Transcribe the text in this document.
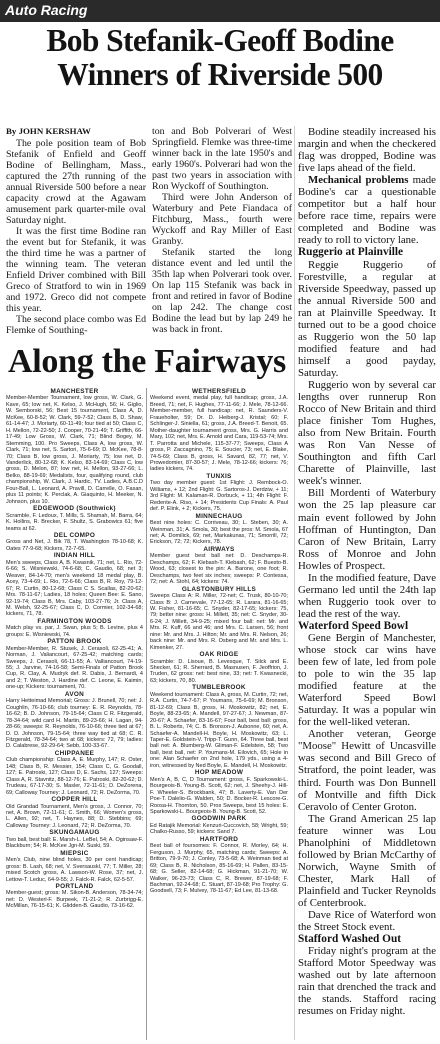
Auto Racing
Bob Stefanik-Geoff Bodine Winners of Riverside 500
By JOHN KERSHAW

The pole position team of Bob Stefanik of Enfield and Geoff Bodine of Bellingham, Mass., captured the 27th running of the annual Riverside 500 before a near capacity crowd at the Agawam amusement park quarter-mile oval Saturday night.

It was the first time Bodine ran the event but for Stefanik, it was the third time he was a partner of the winning team. The veteran Enfield Driver combined with Bill Greco of Stratford to win in 1969 and 1972. Greco did not compete this year.

The second place combo was Ed Flemke of Southing-

ton and Bob Polverari of West Springfield. Flemke was three-time winner back in the late 1950's and early 1960's. Polverari had won the past two years in association with Ron Wyckoff of Southington.

Third were John Anderson of Waterbury and Pete Fiandaca of Fitchburg, Mass., fourth were Wyckoff and Ray Miller of East Granby.

Stefanik started the long distance event and led until the 35th lap when Polverari took over. On lap 115 Stefanik was back in front and retired in favor of Bodine on lap 242. The change cost Bodine the lead but by lap 249 he was back in front.

Bodine steadily increased his margin and when the checkered flag was dropped, Bodine was five laps ahead of the field.

Mechanical problems made Bodine's car a questionable competitor but a half hour before race time, repairs were completed and Bodine was ready to roll to victory lane.

Ruggerio at Plainville

Reggie Ruggerio of Forestville, a regular at Riverside Speedway, passed up the annual Riverside 500 and ran at Plainville Speedway. It turned out to be a good choice as Ruggerio won the 50 lap modified feature and had himself a good payday, Saturday.

Ruggerio won by several car lengths over runnerup Ron Rocco of New Britain and third place finisher Tom Hughes, also from New Britain. Fourth was Ron Van Nesse of Southington and fifth Carl Charette of Plainville, last week's winner.

Bill Mordenti of Waterbury won the 25 lap pleasure car main event followed by John Hoffman of Huntington, Dan Caron of New Britain, Larry Ross of Monroe and John Howles of Prospect.

In the modified feature, Dave Germano led until the 24th lap when Ruggerio took over to lead the rest of the way.

Waterford Speed Bowl

Gene Bergin of Manchester, whose stock car wins have been few of late, led from pole to pole to win the 35 lap modified feature at the Waterford Speed Bowl Saturday. It was a popular win for the well-liked veteran.

Another veteran, George "Moose" Hewitt of Uncasville was second and Bill Greco of Stratford, the point leader, was third. Fourth was Don Bunnell of Montville and fifth Dick Ceravolo of Center Groton.

The Grand American 25 lap feature winner was Lou Phanolphini of Middletown followed by Brian McCarthy of Norwich, Wayne Smith of Chester, Mark Hall of Plainfield and Tucker Reynolds of Centerbrook.

Dave Rice of Waterford won the Street Stock event.

Stafford Washed Out

Friday night's program at the Stafford Motor Speedway was washed out by late afternoon rain that drenched the track and the stands. Stafford racing resumes on Friday night.

Along the Fairways
MANCHESTER

Member-Member Tournament, low gross, W. Clark, G. Kave, 65; low net, K. Kelso, J. McHugh, 56; H. Giglio, W. Semborski, 56; Best 15 tournament, Class A, D. McKee, 60-8-52; W. Clark, 59-7-52; Class B, D. Shaw, 61-14-47; J. Moriarty, 60-11-49; four tied at 50; Class C, H. Mellon, 72-22-50; J. Cooper, 70-21-49; T. Griffith, 66-17-49; Low Gross, W. Clark, 71; Blind Bogey, M. Stemming, 100. Pro Sweeps, Class A, low gross, W. Clark, 71; low net, S. Sartori, 75-6-69; D. McKee, 78-8-70; Class B, low gross, J. Moriarty, 75; low net, D. Vanderlick, 80-12-68; K. Kelso, 83-14-69; Class C, low gross, D. Melon, 87; low net, H. Mellon, 93-27-66; L. Belko, 88-19-69; Medalists, four, qualifying round, club championship, W. Clark, J. Hardic, TV. Ladies, A.B.C.D Four-Ball, L. Leonard, A. Pravill, D. Carrelle, O. Fasan, plus 11 points; K. Perclak, A. Giaquinto, H. Meeker, N. Johnson, plus 10.

EDGEWOOD (Southwick)

Scramble, F. Ledoux, T. Mills, S. Shamah, M. Barra, 64; K. Hollins, R. Brecker, F. Shultz, S. Grabowics 61; five teams at 62.

DEL COMPO

Gross and Net, J. Bik 78, T. Washington 78-10-68; K. Oates 77-9-68; Kickers, 72-7-65.

INDIAN HILL

Men's sweeps, Class A, B. Kwasnik, 71; net, L. Rio, 72-6-66; S. Wisniewski, 74-6-68; C. Gaudio, 68; net 3; Weaver, 84-14-70; men's weekend 18 medal play, B. Acey, 73-4-69; L. Rio, 72-6-66; Class B, R. Roy, 79-12-67; R. Curtin, 80-12-68; Class C S. Scallas, 82-20-62; Mrs. 78-11-67; Ladies, 18 holes; Queen Bee: E. Sano, 92-19-74; Class B, Mrs. Caby, 103-27-76; Jr. Class A, M. Welsh, 92-25-67; Class C, D. Cormier, 102-34-68; kickers, 71, 78.

FARMINGTON WOODS

Match play vs. par, J. Swan, plus 5; B. Levine, plus 4 groups: E. Wisniewski, 74.

PATTON BROOK

Member-Member, R. Stusek, J. Cerasoli, 62-25-41; A. Norman, J. Valiancourt, 67-25-42; matching cards; Sweeps, J. Cerasoli, 66-11-55; A. Valliancourt, 74-19-55; J. Jarvine, 74-16-58; Semi-Finals of Patton Brook Cup, R. Clay, A. Mudryk def. R. Dabis, J. Bernardi, 4 and 2; T. Weston, J. Hardine def. C. Leone, E. Kaimin, one-up; Kickers: tournament, 70.

AVON

Harry Hetteimad Memorial; Gross: J. Brunell, 70; net: J. Coughlin, 76-10-66; club tourney: E. R. Reynolds, 78-16-62; B. D. Johnson, 79-15-64; Class C R. Fitzgerald, 78-34-64; wild card H. Martin, 89-23-66; H. Lagan, 94-28-66; sweeps: R. Reynolds, 76-10-66; three tied at 67; D. D. Johnson, 79-15-64; three way tied at 68; C. R. Fitzgerald, 78-34-64; two at 68; kickers: 72, 79; ladies: D. Calabrese, 92-29-64; Sebb, 100-33-67.

CHIPPANEE

Club championship: Class A, E. Murphy, 147; R. Oster, 148; Class B, R. Messier, 154; Class C, G. Goodall, 127; E. Patroski, 127; Class D, E. Sachs, 127; Sweeps: Class A, R. Stavnitz, 88-12-76; E. Patroski, 82-20-62; D. Trudeau, 67-17-30; S. Masler, 72-11-61; D. DeZorena, 69; Calloway Tourney: J. Leonard, 72; R. DeZorma, 70.

COPPER HILL

Old Grandad Tournament, Men's gross, J. Connor, 70; net, A. Brown, 72-11-61; C. Smith, 66; Women's gross, L. Allen, 92; net, T. Haynes, 88; D. Stebbins; 69; Calloway Tourney: J. Leonard, 72; R. DeZorma, 70.

SKUNGAMAUG

Two ball, best ball: E. Marsh-L. LeBel, 54; A. Oginsaw-F. Blackburn; 54; R. McKee Jgn-M. Suski, 59.

MIEPSIC

Men's Club, nine blind holes, 30 per cent handicap; gross: B. Lash, 68; net, V. Sversauskl, 77; T. Miller, 28; mixed Scotch gross, A. Lawson-W. Rose, 37; net, J. Lettow-T. Leduc, 64-9-55; J. Falck-R. Falck, 62-5-57.

PORTLAND

Member-guest; gross: M. Sikon-B. Anderson, 78-34-74; net: D. Westerl-F. Burpeek, 71-21-2; R. Zurbrigg-E. McMillan, 76-15-61; K. Glidden-B. Gaudio, 73-16-62.

WETHERSFIELD

Weekend event, medal play, full handicap; gross, J.A. Breed, 71; net, F. Hughes, 77-11-66; J. Mele, 78-12-66. Member-member, full handicap: net, R. Saunders-V. Fraueholter, 59; Dr. D. Heiberg-J. Kristal; 60; F. Schlinger-J. Siniella, 61; gross, J.A. Breed-T. Benoit, 65. Mother-daughter tournament gross, Mrs. G. Harris and Mary, 102; net, Mrs. E. Arnold and Cara, 119-53-74; Mrs. T. Parrotta and Michele, 115-37-77; Sweeps, Class A gross, P. Zaccagnino, 75; E. Soucier, 73; net, E. Blake, 74-5-69; Class B, gross, H. Savard, 82, 77; net, V. Prowedomier, 87-30-57; J. Mele, 78-12-66; kickers: 76; ladies kickers, 74.

TUNXIS

Two day member guest: 1st Flight: J. Rembock-O. Williams, + 12; 2nd Flight: G. Sartoros-J. Derdziw, + 11; 3rd Flight: M. Kalaman-R. Dorbuck, + 11; 4th Flight: F. Redente-A. Riso, + 14; Presidents Cup Finals: A. Paul def. P. Elink, + 2; Kickers, 75.

MINNECHAUG

Best nine holes: C. Corriveau, 30; L. Steben, 30; A. Weinman, 31; A. Smola, 30; best the pros: M. Smola, 67 net; A. Domilick, 69; net, Markakunas, 71; Smorrill, 72; Erickson, 72; 72; Kickers, 78.

AIRWAYS

Member guest best ball net: D. Deschamps-R. Deschamps, 62; F. Klebash-T. Klebash, 62; F. Buesto-B. Wood, 63; closest to the pin: A. Barone, one foot; R. Deschamps, two feet six inches; sweeps: P. Contessa, 72; net: A. Stohl, 64; kickers: 74.

GLASTONBURY HILLS

Sweeps Class A: R. Miller, 72-net; C. Trusk, 80-10-70; Class B: J. Carnevale, 77-12-65; R. Larara, 81-16-65; W. Fisher, 81-16-65; C. Snyder, 82-17-65; kickers: 75, 79; better nine: gross: H. Millett, 35; net: C. Snyder, 30-6-24; J. Millett, 34-9-25; mixed four ball: net: Mr. and Mrs. R. Kuff, 66 and 46; and Mrs. C. Larsen, 56; front nine: Mr. and Mrs. J. Hilton; Mr. and Mrs. R. Nelson, 26; back nine: Mr. and Mrs. R. Osberg and Mr. and Mrs. L. Kimenker, 27.

OAK RIDGE

Scramble: D. Lisoue, B. Levesque, T. Silck and E. Shecker, 61; R. Sherrard, B. Masnusen, F. Jeoffrion, J. Truden, 62 gross: net: best nine, 33; net: T. Kwasnecki, 63; kickers, 70, 80.

TUMBLEBROOK

Weekend tournament: Class A, gross, M. Curtin, 72; net, R.A. Curtin, 74-7-67; P. Youmans, 75-6-69; M. Bronson, 81-12-69; Class B, gross, H. Moskowitz, 82; net, E. Boyle, 88-23-65; A. Mandell, 97-27-67; J. Newman, 87-20-67; A. Schaefer, 83-16-67; Four ball, best ball: gross, B. L. Roberts, 74; C. B. Bronson-J. Aubonne, 60; net, A. Schaefer-A. Mandell-H. Boyle, H. Moskowitz, 63; L. Taper-E. Goldstein-V. Tripp-T. Gunn, 64. Three ball, best ball net: A. Blumberg-W. Gliman-F. Edelstein, 58; Two ball, best ball, net: P. Youmans-M. Eilovich, 65; Hole in one: Alan Schaefer on 2nd hole, 179 yds., using a 4-iron, witnessed by Ned Boyle, E. Mandell, H. Moskowitz.

HOP MEADOW

Men's A, B, C, D Tournament: gross, F. Sparkowski-L. Bourgeois-B. Young-B. Scott, 62; net, J. Sheehy-J. Hill-F. Wheeler-S. Brockbank, 47; B. Laverty-E. Van Der Poe-T. Dalelio-G. Walden, 50; D. Bocker-R. Lescore-G. Roosa-H. Thornton, 50. Pros Sweeps, best 15 holes: E. Sparkowski-L. Bourgeois-B. Young-B. Scott, 52.

GOODWIN PARK

Ed Ratajik Memorial: Kenzuri-Cuccovich, 58; Wright, 59; Chalko-Russo, 59; kickers: Sand 7.

HARTFORD

Best ball of foursomes: F. Connor, R. Morley, 64; H. Ferguson, J. Murphy, 65, matching cards; Sweeps: A. Britton, 79-9-70; J. Conley, 73-5-68; A. Weinman tied at 69; Class B, R. Nicholson, 85-16-69; H. Pallen, 83-15-68; G. Seller, 82-14-68; G. Hickman, 91-21-70; W. Walker, 96-23-73; Class C, R. Brewer, 87-19-68; F. Bachman, 92-24-68; C. Stuart, 87-19-68; Pro Trophy: G. Goodsell, 73; F. Mulvey, 78-11-67; Ed Lee, 81-13-68.
